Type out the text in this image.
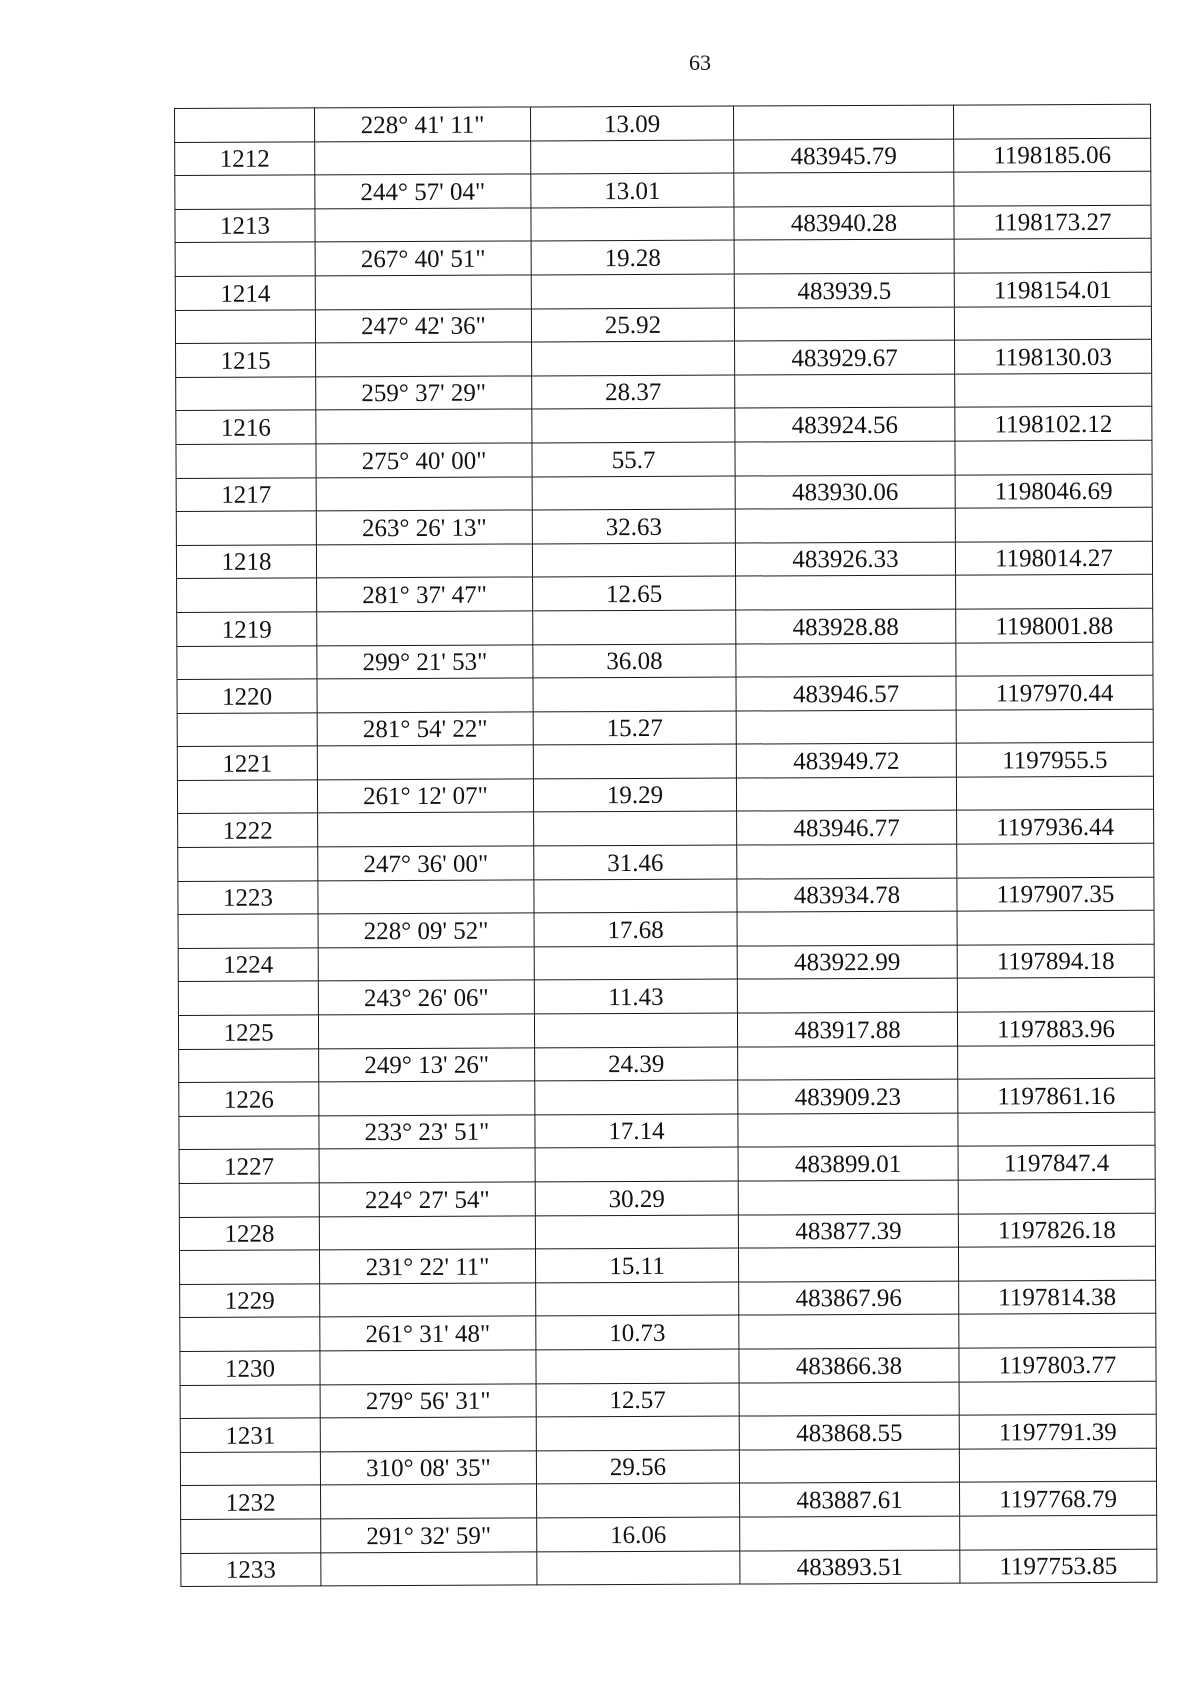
63
	228° 41' 11"	13.09		
1212			483945.79	1198185.06
	244° 57' 04"	13.01		
1213			483940.28	1198173.27
	267° 40' 51"	19.28		
1214			483939.5	1198154.01
	247° 42' 36"	25.92		
1215			483929.67	1198130.03
	259° 37' 29"	28.37		
1216			483924.56	1198102.12
	275° 40' 00"	55.7		
1217			483930.06	1198046.69
	263° 26' 13"	32.63		
1218			483926.33	1198014.27
	281° 37' 47"	12.65		
1219			483928.88	1198001.88
	299° 21' 53"	36.08		
1220			483946.57	1197970.44
	281° 54' 22"	15.27		
1221			483949.72	1197955.5
	261° 12' 07"	19.29		
1222			483946.77	1197936.44
	247° 36' 00"	31.46		
1223			483934.78	1197907.35
	228° 09' 52"	17.68		
1224			483922.99	1197894.18
	243° 26' 06"	11.43		
1225			483917.88	1197883.96
	249° 13' 26"	24.39		
1226			483909.23	1197861.16
	233° 23' 51"	17.14		
1227			483899.01	1197847.4
	224° 27' 54"	30.29		
1228			483877.39	1197826.18
	231° 22' 11"	15.11		
1229			483867.96	1197814.38
	261° 31' 48"	10.73		
1230			483866.38	1197803.77
	279° 56' 31"	12.57		
1231			483868.55	1197791.39
	310° 08' 35"	29.56		
1232			483887.61	1197768.79
	291° 32' 59"	16.06		
1233			483893.51	1197753.85
